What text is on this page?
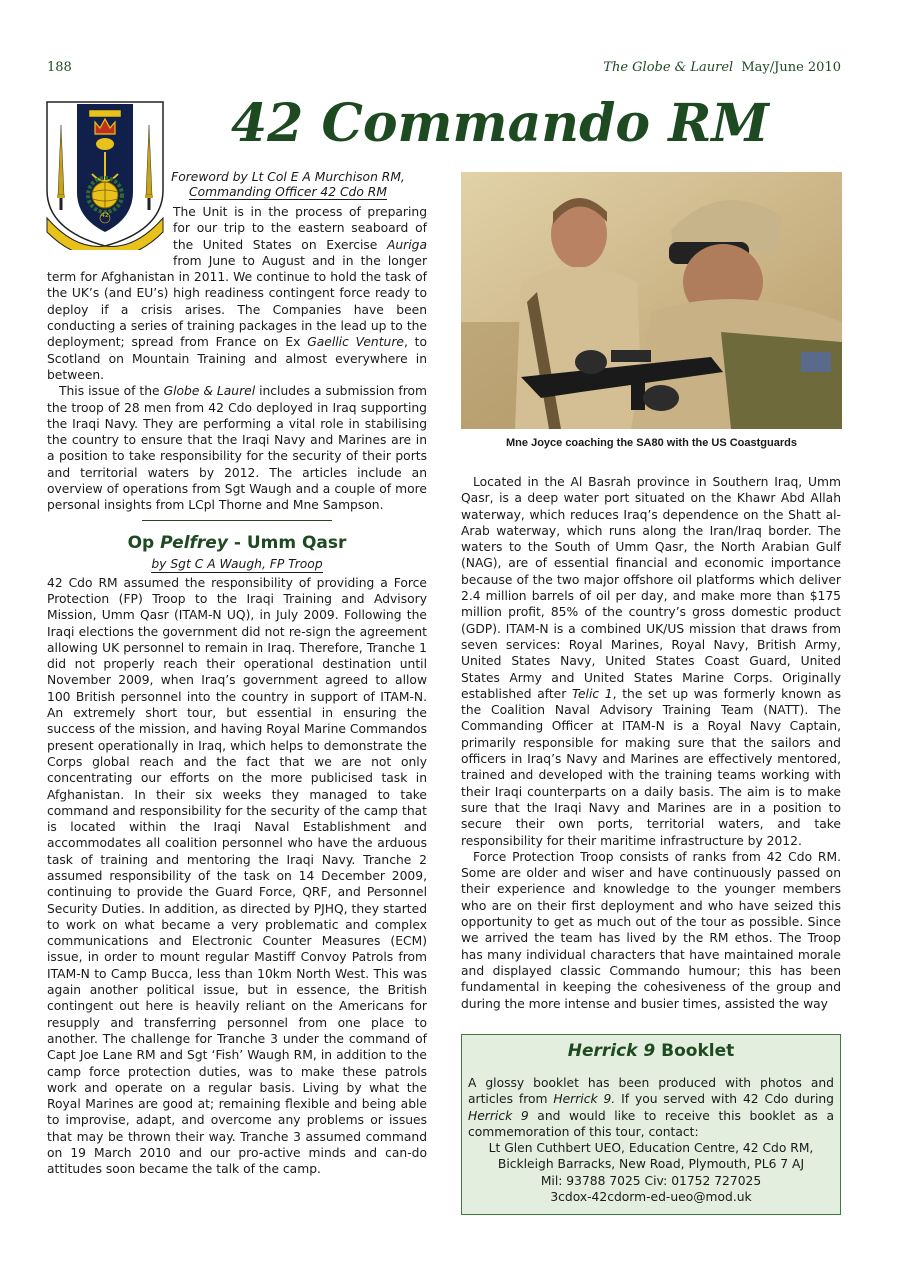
188	The Globe & Laurel May/June 2010
42 Commando RM
42
Foreword by Lt Col E A Murchison RM,
Commanding Officer 42 Cdo RM

The Unit is in the process of preparing for our trip to the eastern seaboard of the United States on Exercise Auriga from June to August and in the longer term for Afghanistan in 2011. We continue to hold the task of the UK’s (and EU’s) high readiness contingent force ready to deploy if a crisis arises. The Companies have been conducting a series of training packages in the lead up to the deployment; spread from France on Ex Gaellic Venture, to Scotland on Mountain Training and almost everywhere in between.

This issue of the Globe & Laurel includes a submission from the troop of 28 men from 42 Cdo deployed in Iraq supporting the Iraqi Navy. They are performing a vital role in stabilising the country to ensure that the Iraqi Navy and Marines are in a position to take responsibility for the security of their ports and territorial waters by 2012. The articles include an overview of operations from Sgt Waugh and a couple of more personal insights from LCpl Thorne and Mne Sampson.

Op Pelfrey - Umm Qasr
by Sgt C A Waugh, FP Troop

42 Cdo RM assumed the responsibility of providing a Force Protection (FP) Troop to the Iraqi Training and Advisory Mission, Umm Qasr (ITAM-N UQ), in July 2009. Following the Iraqi elections the government did not re-sign the agreement allowing UK personnel to remain in Iraq. Therefore, Tranche 1 did not properly reach their operational destination until November 2009, when Iraq’s government agreed to allow 100 British personnel into the country in support of ITAM-N. An extremely short tour, but essential in ensuring the success of the mission, and having Royal Marine Commandos present operationally in Iraq, which helps to demonstrate the Corps global reach and the fact that we are not only concentrating our efforts on the more publicised task in Afghanistan. In their six weeks they managed to take command and responsibility for the security of the camp that is located within the Iraqi Naval Establishment and accommodates all coalition personnel who have the arduous task of training and mentoring the Iraqi Navy. Tranche 2 assumed responsibility of the task on 14 December 2009, continuing to provide the Guard Force, QRF, and Personnel Security Duties. In addition, as directed by PJHQ, they started to work on what became a very problematic and complex communications and Electronic Counter Measures (ECM) issue, in order to mount regular Mastiff Convoy Patrols from ITAM-N to Camp Bucca, less than 10km North West. This was again another political issue, but in essence, the British contingent out here is heavily reliant on the Americans for resupply and transferring personnel from one place to another. The challenge for Tranche 3 under the command of Capt Joe Lane RM and Sgt ‘Fish’ Waugh RM, in addition to the camp force protection duties, was to make these patrols work and operate on a regular basis. Living by what the Royal Marines are good at; remaining flexible and being able to improvise, adapt, and overcome any problems or issues that may be thrown their way. Tranche 3 assumed command on 19 March 2010 and our pro-active minds and can-do attitudes soon became the talk of the camp.

Mne Joyce coaching the SA80 with the US Coastguards

Located in the Al Basrah province in Southern Iraq, Umm Qasr, is a deep water port situated on the Khawr Abd Allah waterway, which reduces Iraq’s dependence on the Shatt al-Arab waterway, which runs along the Iran/Iraq border. The waters to the South of Umm Qasr, the North Arabian Gulf (NAG), are of essential financial and economic importance because of the two major offshore oil platforms which deliver 2.4 million barrels of oil per day, and make more than $175 million profit, 85% of the country’s gross domestic product (GDP). ITAM-N is a combined UK/US mission that draws from seven services: Royal Marines, Royal Navy, British Army, United States Navy, United States Coast Guard, United States Army and United States Marine Corps. Originally established after Telic 1, the set up was formerly known as the Coalition Naval Advisory Training Team (NATT). The Commanding Officer at ITAM-N is a Royal Navy Captain, primarily responsible for making sure that the sailors and officers in Iraq’s Navy and Marines are effectively mentored, trained and developed with the training teams working with their Iraqi counterparts on a daily basis. The aim is to make sure that the Iraqi Navy and Marines are in a position to secure their own ports, territorial waters, and take responsibility for their maritime infrastructure by 2012.

Force Protection Troop consists of ranks from 42 Cdo RM. Some are older and wiser and have continuously passed on their experience and knowledge to the younger members who are on their first deployment and who have seized this opportunity to get as much out of the tour as possible. Since we arrived the team has lived by the RM ethos. The Troop has many individual characters that have maintained morale and displayed classic Commando humour; this has been fundamental in keeping the cohesiveness of the group and during the more intense and busier times, assisted the way

Herrick 9 Booklet

A glossy booklet has been produced with photos and articles from Herrick 9. If you served with 42 Cdo during Herrick 9 and would like to receive this booklet as a commemoration of this tour, contact:

Lt Glen Cuthbert UEO, Education Centre, 42 Cdo RM,
Bickleigh Barracks, New Road, Plymouth, PL6 7 AJ
Mil: 93788 7025 Civ: 01752 727025
3cdox-42cdorm-ed-ueo@mod.uk
